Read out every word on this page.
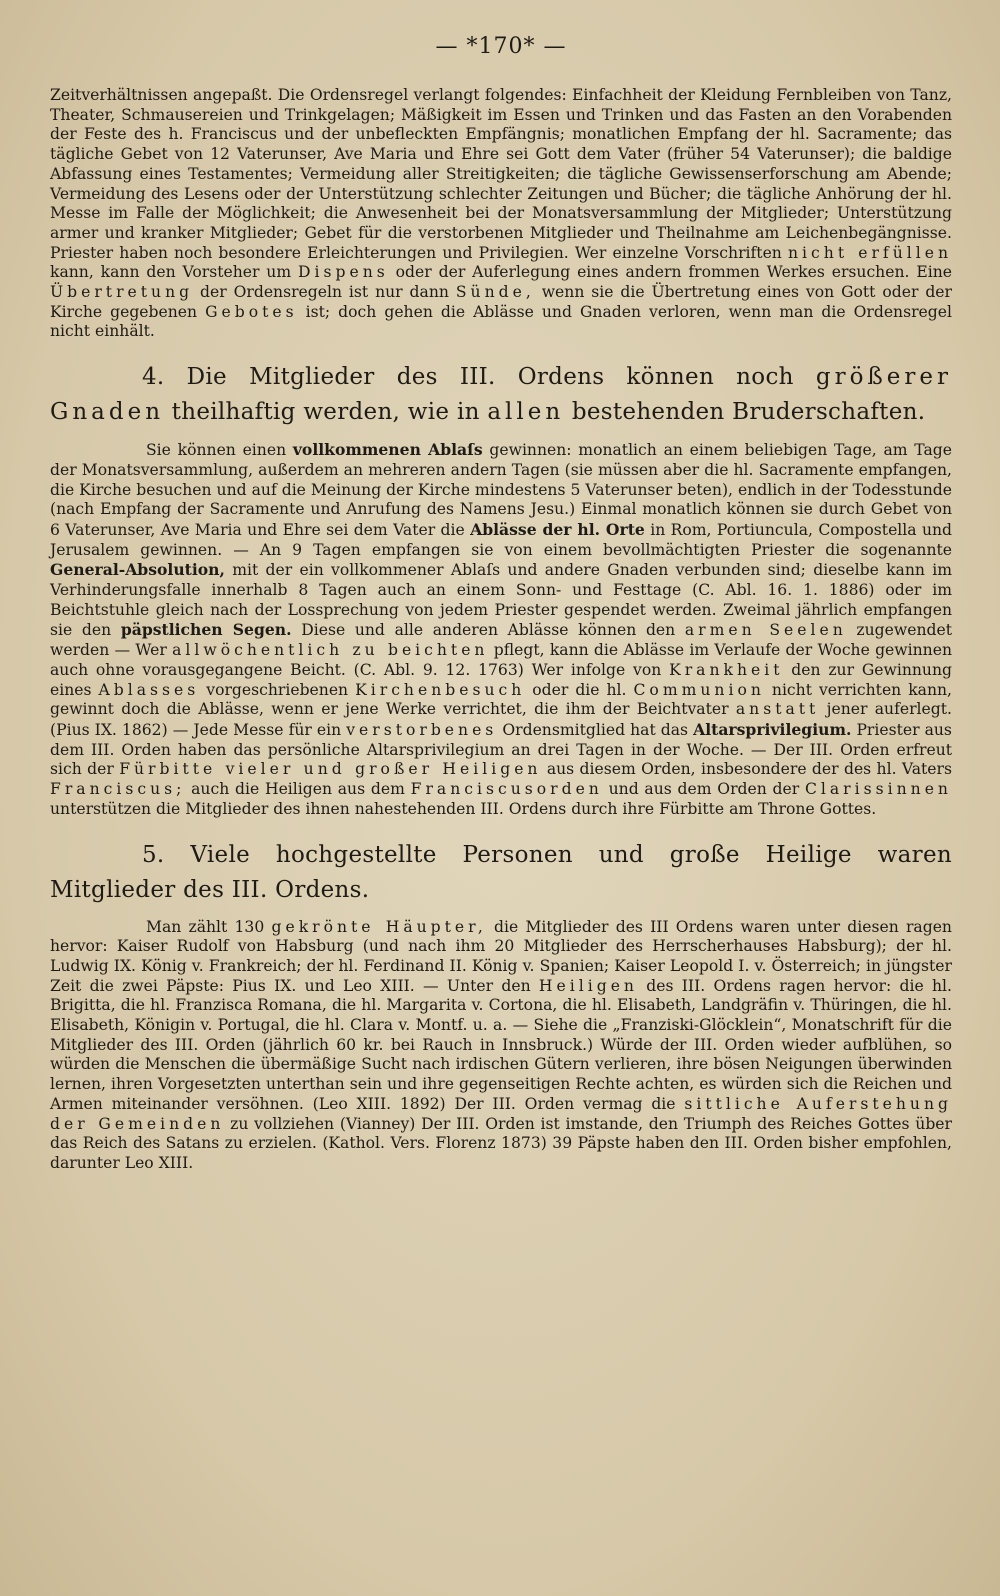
— *170* —

Zeitverhältnissen angepaßt. Die Ordensregel verlangt folgendes: Einfachheit der Kleidung Fernbleiben von Tanz, Theater, Schmausereien und Trinkgelagen; Mäßigkeit im Essen und Trinken und das Fasten an den Vorabenden der Feste des h. Franciscus und der unbefleckten Empfängnis; monatlichen Empfang der hl. Sacramente; das tägliche Gebet von 12 Vaterunser, Ave Maria und Ehre sei Gott dem Vater (früher 54 Vaterunser); die baldige Abfassung eines Testamentes; Vermeidung aller Streitigkeiten; die tägliche Gewissenserforschung am Abende; Vermeidung des Lesens oder der Unterstützung schlechter Zeitungen und Bücher; die tägliche Anhörung der hl. Messe im Falle der Möglichkeit; die Anwesenheit bei der Monatsversammlung der Mitglieder; Unterstützung armer und kranker Mitglieder; Gebet für die verstorbenen Mitglieder und Theilnahme am Leichenbegängnisse. Priester haben noch besondere Erleichterungen und Privilegien. Wer einzelne Vorschriften nicht erfüllen kann, kann den Vorsteher um Dispens oder der Auferlegung eines andern frommen Werkes ersuchen. Eine Übertretung der Ordensregeln ist nur dann Sünde, wenn sie die Übertretung eines von Gott oder der Kirche gegebenen Gebotes ist; doch gehen die Ablässe und Gnaden verloren, wenn man die Ordensregel nicht einhält.

4. Die Mitglieder des III. Ordens können noch größerer Gnaden theilhaftig werden, wie in allen bestehenden Bruderschaften.

Sie können einen vollkommenen Ablaſs gewinnen: monatlich an einem beliebigen Tage, am Tage der Monatsversammlung, außerdem an mehreren andern Tagen (sie müssen aber die hl. Sacramente empfangen, die Kirche besuchen und auf die Meinung der Kirche mindestens 5 Vaterunser beten), endlich in der Todesstunde (nach Empfang der Sacramente und Anrufung des Namens Jesu.) Einmal monatlich können sie durch Gebet von 6 Vaterunser, Ave Maria und Ehre sei dem Vater die Ablässe der hl. Orte in Rom, Portiuncula, Compostella und Jerusalem gewinnen. — An 9 Tagen empfangen sie von einem bevollmächtigten Priester die sogenannte General-Absolution, mit der ein vollkommener Ablaſs und andere Gnaden verbunden sind; dieselbe kann im Verhinderungsfalle innerhalb 8 Tagen auch an einem Sonn- und Festtage (C. Abl. 16. 1. 1886) oder im Beichtstuhle gleich nach der Lossprechung von jedem Priester gespendet werden. Zweimal jährlich empfangen sie den päpstlichen Segen. Diese und alle anderen Ablässe können den armen Seelen zugewendet werden — Wer allwöchentlich zu beichten pflegt, kann die Ablässe im Verlaufe der Woche gewinnen auch ohne vorausgegangene Beicht. (C. Abl. 9. 12. 1763) Wer infolge von Krankheit den zur Gewinnung eines Ablasses vorgeschriebenen Kirchenbesuch oder die hl. Communion nicht verrichten kann, gewinnt doch die Ablässe, wenn er jene Werke verrichtet, die ihm der Beichtvater anstatt jener auferlegt. (Pius IX. 1862) — Jede Messe für ein verstorbenes Ordensmitglied hat das Altarsprivilegium. Priester aus dem III. Orden haben das persönliche Altarsprivilegium an drei Tagen in der Woche. — Der III. Orden erfreut sich der Fürbitte vieler und großer Heiligen aus diesem Orden, insbesondere der des hl. Vaters Franciscus; auch die Heiligen aus dem Franciscusorden und aus dem Orden der Clarissinnen unterstützen die Mitglieder des ihnen nahestehenden III. Ordens durch ihre Fürbitte am Throne Gottes.

5. Viele hochgestellte Personen und große Heilige waren Mitglieder des III. Ordens.

Man zählt 130 gekrönte Häupter, die Mitglieder des III Ordens waren unter diesen ragen hervor: Kaiser Rudolf von Habsburg (und nach ihm 20 Mitglieder des Herrscherhauses Habsburg); der hl. Ludwig IX. König v. Frankreich; der hl. Ferdinand II. König v. Spanien; Kaiser Leopold I. v. Österreich; in jüngster Zeit die zwei Päpste: Pius IX. und Leo XIII. — Unter den Heiligen des III. Ordens ragen hervor: die hl. Brigitta, die hl. Franzisca Romana, die hl. Margarita v. Cortona, die hl. Elisabeth, Landgräfin v. Thüringen, die hl. Elisabeth, Königin v. Portugal, die hl. Clara v. Montf. u. a. — Siehe die „Franziski-Glöcklein“, Monatschrift für die Mitglieder des III. Orden (jährlich 60 kr. bei Rauch in Innsbruck.) Würde der III. Orden wieder aufblühen, so würden die Menschen die übermäßige Sucht nach irdischen Gütern verlieren, ihre bösen Neigungen überwinden lernen, ihren Vorgesetzten unterthan sein und ihre gegenseitigen Rechte achten, es würden sich die Reichen und Armen miteinander versöhnen. (Leo XIII. 1892) Der III. Orden vermag die sittliche Auferstehung der Gemeinden zu vollziehen (Vianney) Der III. Orden ist imstande, den Triumph des Reiches Gottes über das Reich des Satans zu erzielen. (Kathol. Vers. Florenz 1873) 39 Päpste haben den III. Orden bisher empfohlen, darunter Leo XIII.
